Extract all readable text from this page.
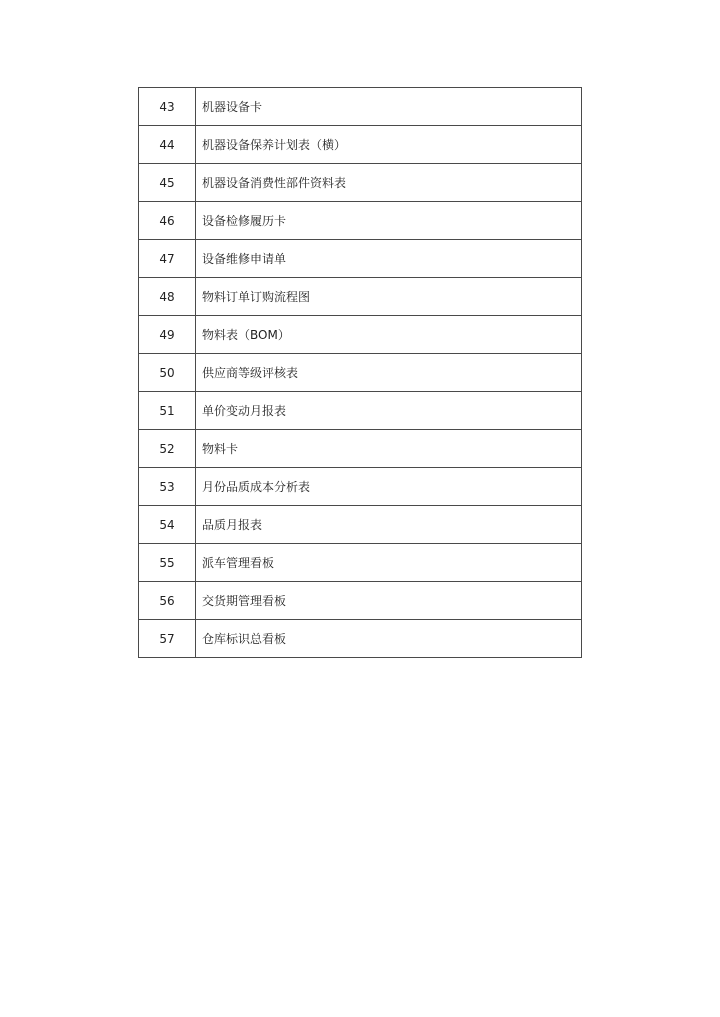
43	机器设备卡
44	机器设备保养计划表（横）
45	机器设备消费性部件资料表
46	设备检修履历卡
47	设备维修申请单
48	物料订单订购流程图
49	物料表（BOM）
50	供应商等级评核表
51	单价变动月报表
52	物料卡
53	月份品质成本分析表
54	品质月报表
55	派车管理看板
56	交货期管理看板
57	仓库标识总看板
